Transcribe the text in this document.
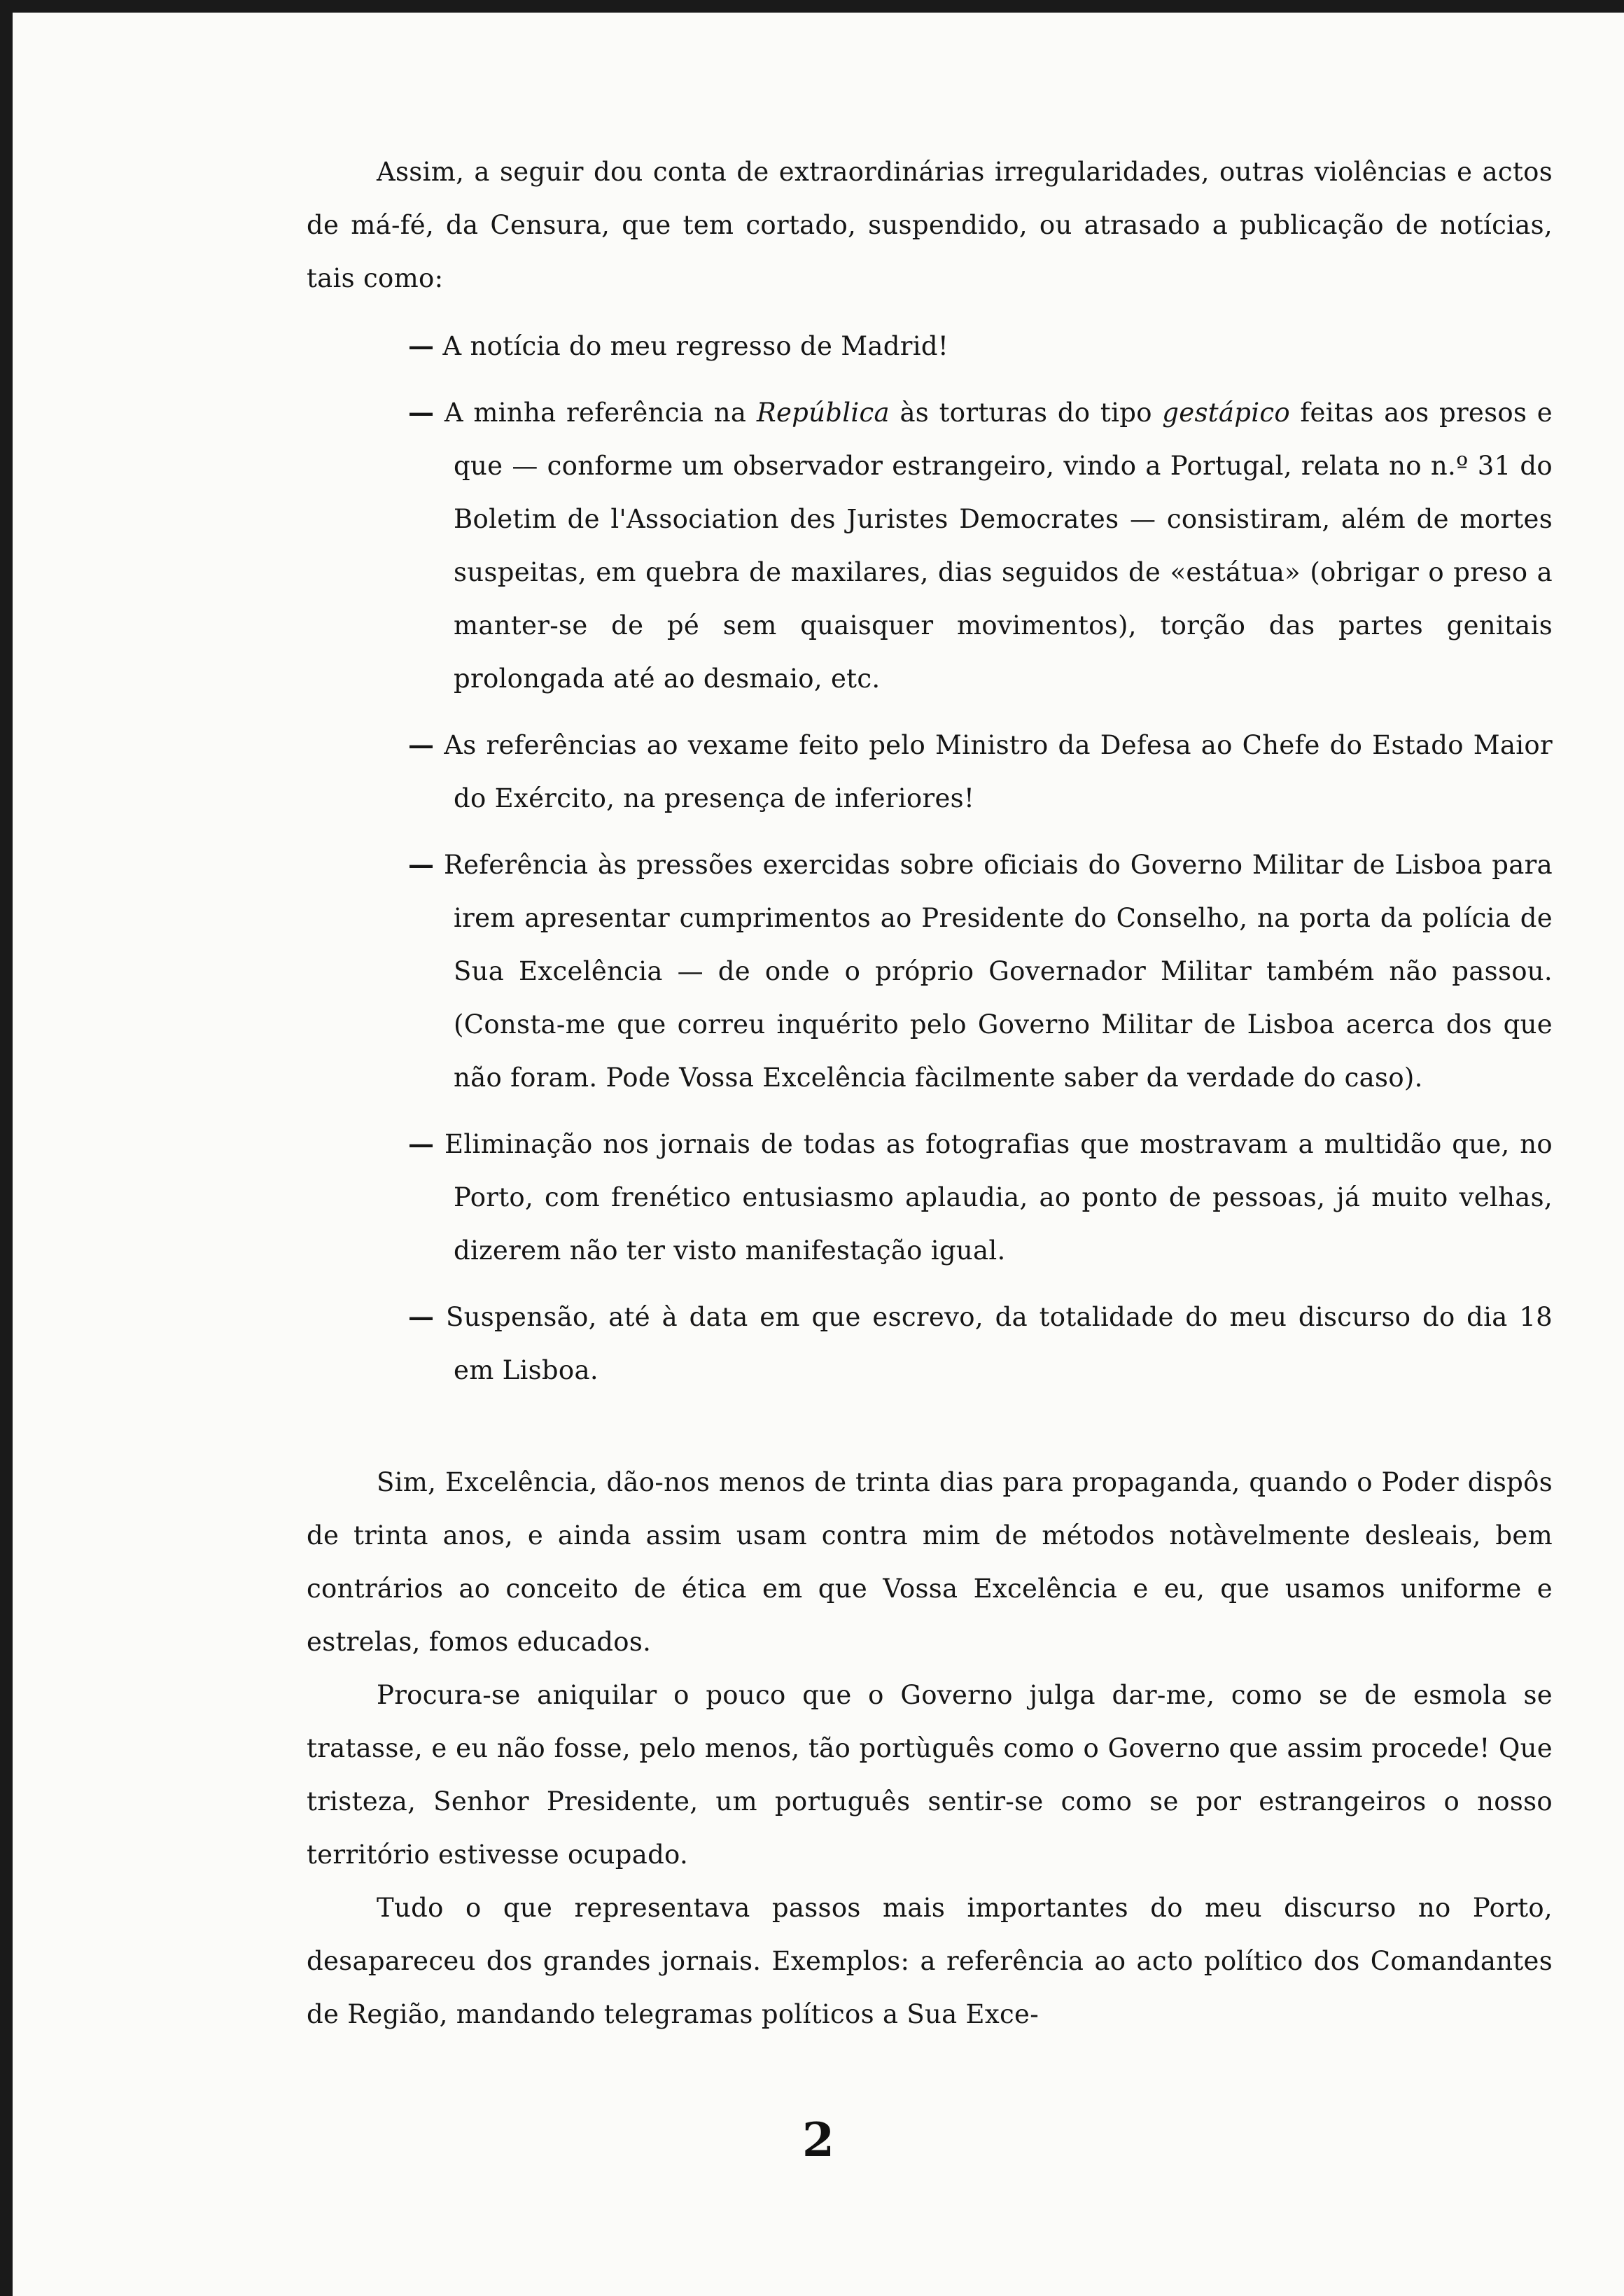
Assim, a seguir dou conta de extraordinárias irregularidades, outras violências e actos de má-fé, da Censura, que tem cortado, suspendido, ou atrasado a publicação de notícias, tais como:

— A notícia do meu regresso de Madrid!

— A minha referência na República às torturas do tipo gestápico feitas aos presos e que — conforme um observador estrangeiro, vindo a Portugal, relata no n.º 31 do Boletim de l'Association des Juristes Democrates — consistiram, além de mortes suspeitas, em quebra de maxilares, dias seguidos de «estátua» (obrigar o preso a manter-se de pé sem quaisquer movimentos), torção das partes genitais prolongada até ao desmaio, etc.

— As referências ao vexame feito pelo Ministro da Defesa ao Chefe do Estado Maior do Exército, na presença de inferiores!

— Referência às pressões exercidas sobre oficiais do Governo Militar de Lisboa para irem apresentar cumprimentos ao Presidente do Conselho, na porta da polícia de Sua Excelência — de onde o próprio Governador Militar também não passou. (Consta-me que correu inquérito pelo Governo Militar de Lisboa acerca dos que não foram. Pode Vossa Excelência fàcilmente saber da verdade do caso).

— Eliminação nos jornais de todas as fotografias que mostravam a multidão que, no Porto, com frenético entusiasmo aplaudia, ao ponto de pessoas, já muito velhas, dizerem não ter visto manifestação igual.

— Suspensão, até à data em que escrevo, da totalidade do meu discurso do dia 18 em Lisboa.

Sim, Excelência, dão-nos menos de trinta dias para propaganda, quando o Poder dispôs de trinta anos, e ainda assim usam contra mim de métodos notàvelmente desleais, bem contrários ao conceito de ética em que Vossa Excelência e eu, que usamos uniforme e estrelas, fomos educados.

Procura-se aniquilar o pouco que o Governo julga dar-me, como se de esmola se tratasse, e eu não fosse, pelo menos, tão portùguês como o Governo que assim procede! Que tristeza, Senhor Presidente, um português sentir-se como se por estrangeiros o nosso território estivesse ocupado.

Tudo o que representava passos mais importantes do meu discurso no Porto, desapareceu dos grandes jornais. Exemplos: a referência ao acto político dos Comandantes de Região, mandando telegramas políticos a Sua Exce-

2
